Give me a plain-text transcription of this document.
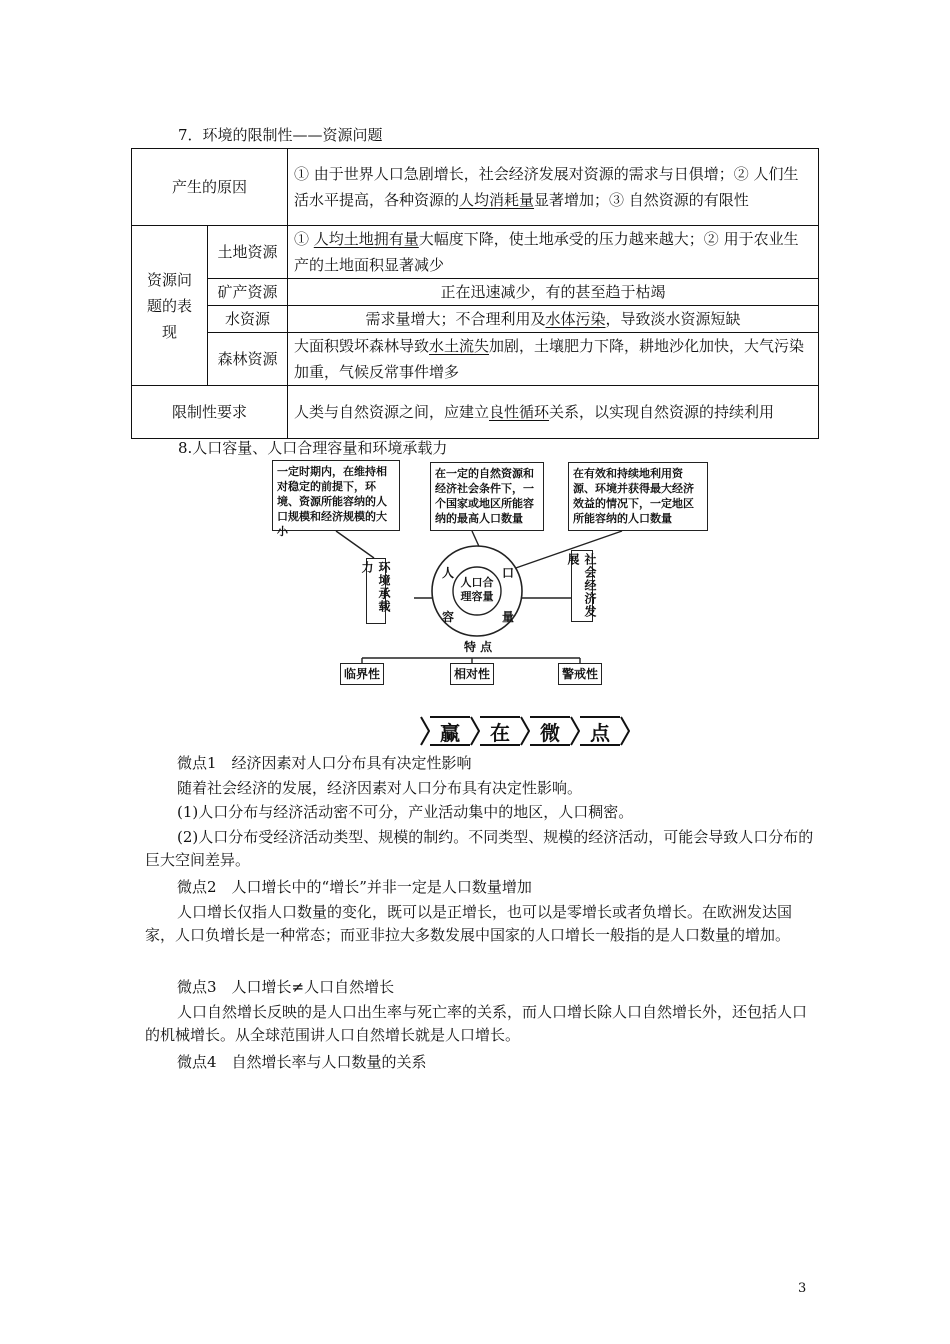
7．环境的限制性——资源问题
产生的原因		① 由于世界人口急剧增长，社会经济发展对资源的需求与日俱增；② 人们生活水平提高，各种资源的人均消耗量显著增加；③ 自然资源的有限性
资源问题的表现	土地资源	① 人均土地拥有量大幅度下降，使土地承受的压力越来越大；② 用于农业生产的土地面积显著减少
	矿产资源	正在迅速减少，有的甚至趋于枯竭
	水资源	需求量增大；不合理利用及水体污染，导致淡水资源短缺
	森林资源	大面积毁坏森林导致水土流失加剧，土壤肥力下降，耕地沙化加快，大气污染加重，气候反常事件增多
限制性要求		人类与自然资源之间，应建立良性循环关系，以实现自然资源的持续利用
8.人口容量、人口合理容量和环境承载力
一定时期内，在维持相对稳定的前提下，环境、资源所能容纳的人口规模和经济规模的大小
在一定的自然资源和经济社会条件下，一个国家或地区所能容纳的最高人口数量
在有效和持续地利用资源、环境并获得最大经济效益的情况下，一定地区所能容纳的人口数量
环境承载力	社会经济发展
人	口
容	量
人口合理容量
特 点
临界性	相对性	警戒性
赢	在	微	点
微点1　经济因素对人口分布具有决定性影响
随着社会经济的发展，经济因素对人口分布具有决定性影响。
(1)人口分布与经济活动密不可分，产业活动集中的地区，人口稠密。
(2)人口分布受经济活动类型、规模的制约。不同类型、规模的经济活动，可能会导致人口分布的巨大空间差异。
微点2　人口增长中的“增长”并非一定是人口数量增加
人口增长仅指人口数量的变化，既可以是正增长，也可以是零增长或者负增长。在欧洲发达国家，人口负增长是一种常态；而亚非拉大多数发展中国家的人口增长一般指的是人口数量的增加。
微点3　人口增长≠人口自然增长
人口自然增长反映的是人口出生率与死亡率的关系，而人口增长除人口自然增长外，还包括人口的机械增长。从全球范围讲人口自然增长就是人口增长。
微点4　自然增长率与人口数量的关系
3
